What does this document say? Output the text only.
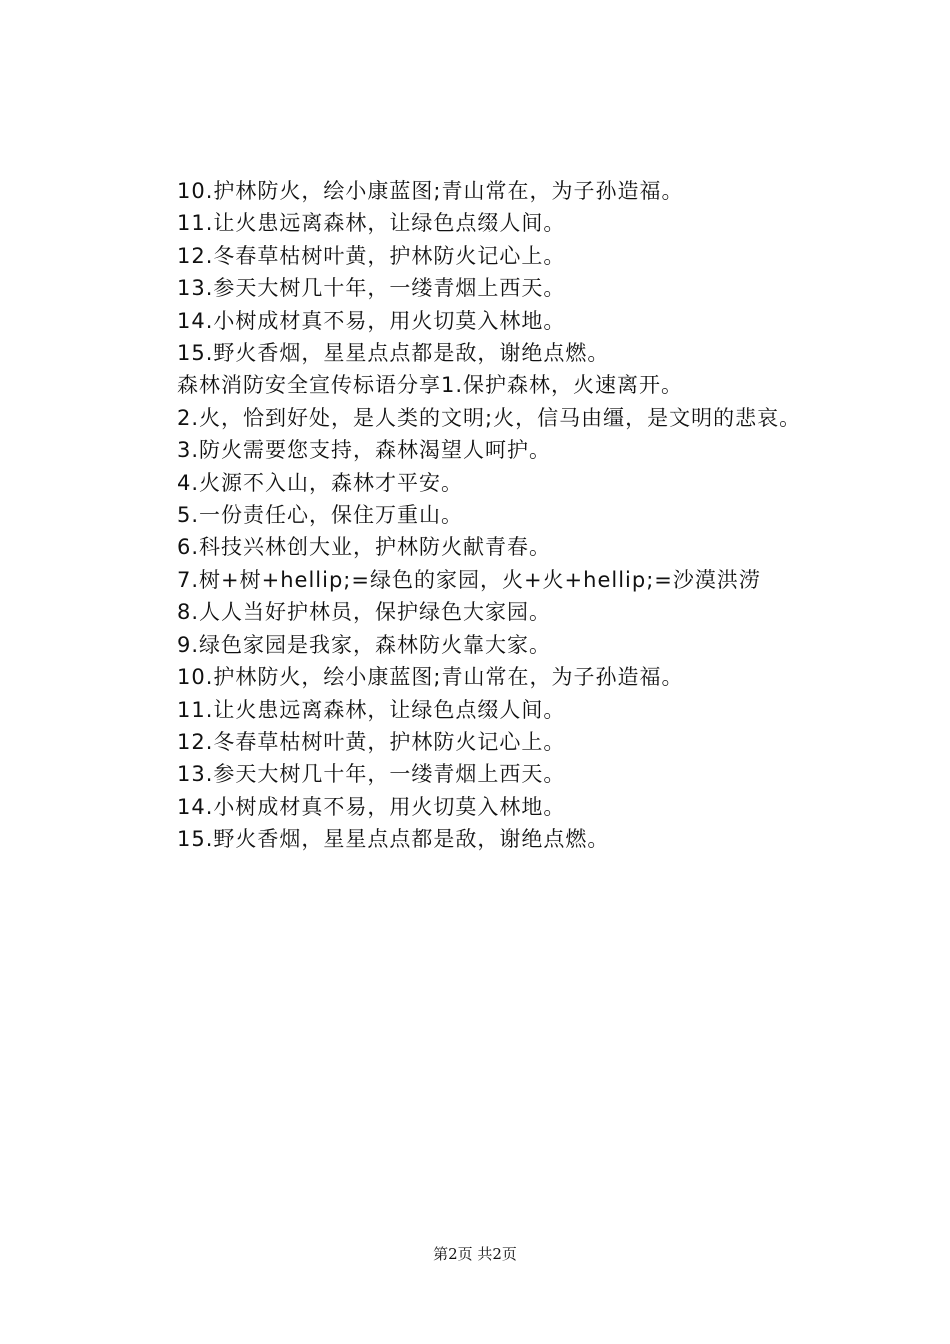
10.护林防火，绘小康蓝图;青山常在，为子孙造福。

11.让火患远离森林，让绿色点缀人间。

12.冬春草枯树叶黄，护林防火记心上。

13.参天大树几十年，一缕青烟上西天。

14.小树成材真不易，用火切莫入林地。

15.野火香烟，星星点点都是敌，谢绝点燃。

森林消防安全宣传标语分享1.保护森林，火速离开。

2.火，恰到好处，是人类的文明;火，信马由缰，是文明的悲哀。

3.防火需要您支持，森林渴望人呵护。

4.火源不入山，森林才平安。

5.一份责任心，保住万重山。

6.科技兴林创大业，护林防火献青春。

7.树+树+hellip;=绿色的家园，火+火+hellip;=沙漠洪涝

8.人人当好护林员，保护绿色大家园。

9.绿色家园是我家，森林防火靠大家。

10.护林防火，绘小康蓝图;青山常在，为子孙造福。

11.让火患远离森林，让绿色点缀人间。

12.冬春草枯树叶黄，护林防火记心上。

13.参天大树几十年，一缕青烟上西天。

14.小树成材真不易，用火切莫入林地。

15.野火香烟，星星点点都是敌，谢绝点燃。

第2页 共2页
